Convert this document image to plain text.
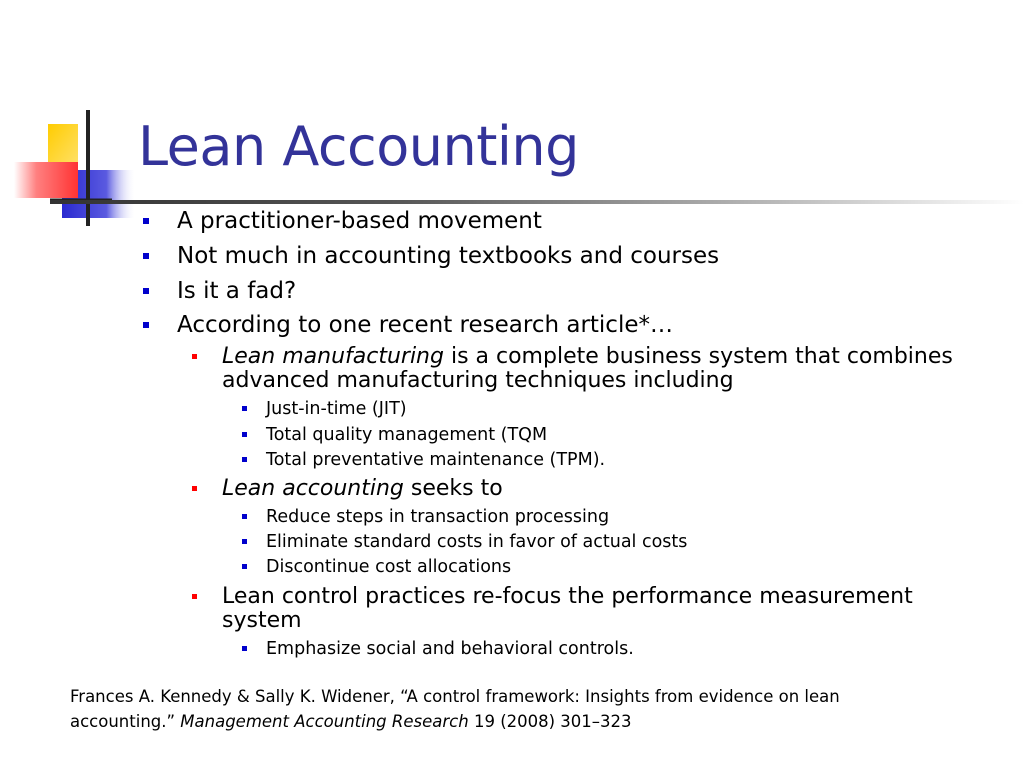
Lean Accounting
A practitioner-based movement
Not much in accounting textbooks and courses
Is it a fad?
According to one recent research article*…
Lean manufacturing is a complete business system that combines
advanced manufacturing techniques including
Just-in-time (JIT)
Total quality management (TQM
Total preventative maintenance (TPM).
Lean accounting seeks to
Reduce steps in transaction processing
Eliminate standard costs in favor of actual costs
Discontinue cost allocations
Lean control practices re-focus the performance measurement
system
Emphasize social and behavioral controls.
Frances A. Kennedy & Sally K. Widener, “A control framework: Insights from evidence on lean
accounting.” Management Accounting Research 19 (2008) 301–323
